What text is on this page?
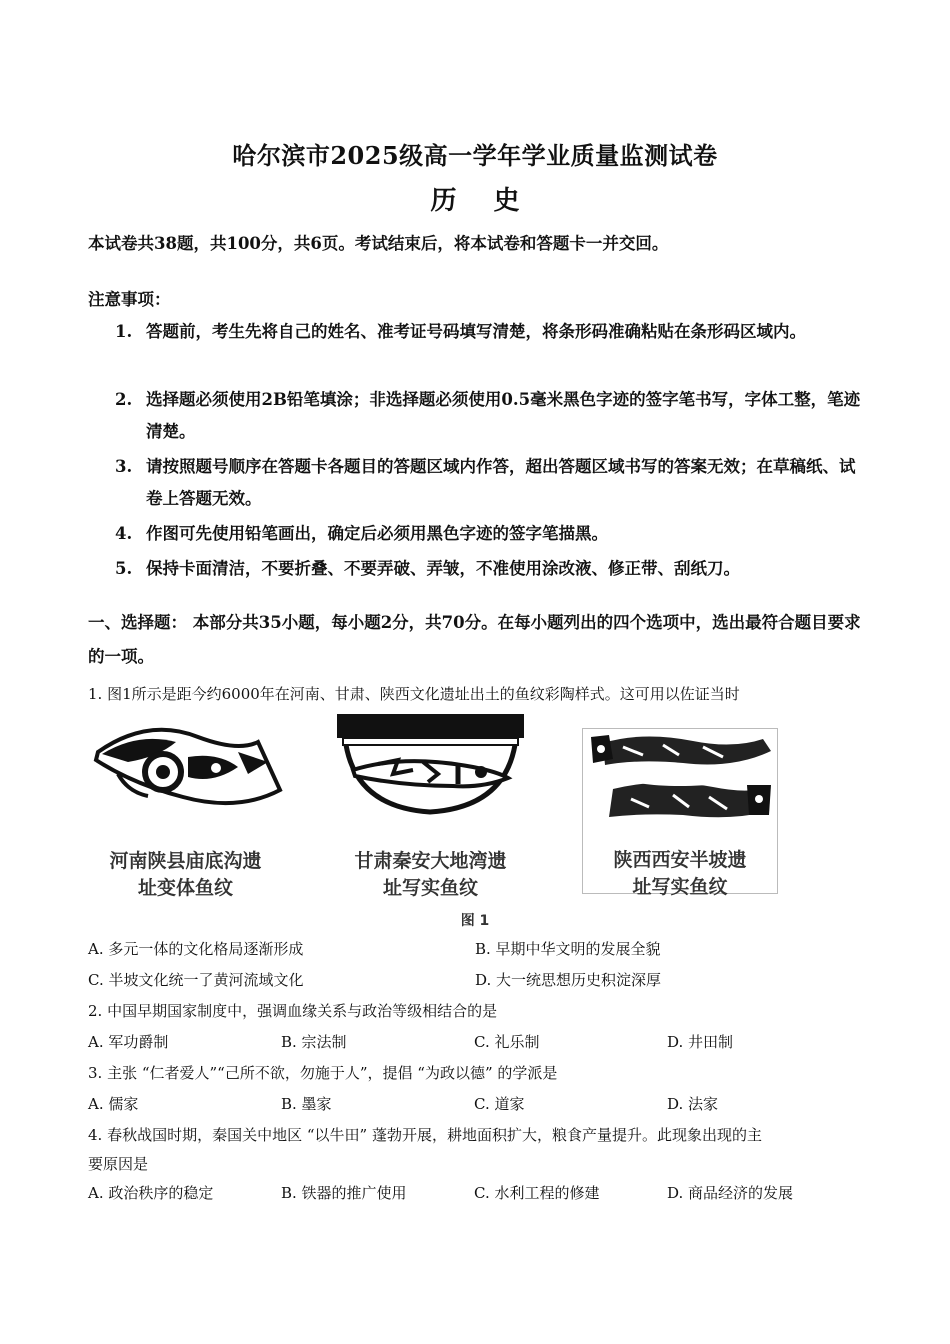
哈尔滨市2025级高一学年学业质量监测试卷
历 史
本试卷共38题，共100分，共6页。考试结束后，将本试卷和答题卡一并交回。
注意事项：
1. 答题前，考生先将自己的姓名、准考证号码填写清楚，将条形码准确粘贴在条形码区域内。
2. 选择题必须使用2B铅笔填涂；非选择题必须使用0.5毫米黑色字迹的签字笔书写，字体工整，笔迹清楚。
3. 请按照题号顺序在答题卡各题目的答题区域内作答，超出答题区域书写的答案无效；在草稿纸、试卷上答题无效。
4. 作图可先使用铅笔画出，确定后必须用黑色字迹的签字笔描黑。
5. 保持卡面清洁，不要折叠、不要弄破、弄皱，不准使用涂改液、修正带、刮纸刀。
一、选择题： 本部分共35小题，每小题2分，共70分。在每小题列出的四个选项中，选出最符合题目要求的一项。
1. 图1所示是距今约6000年在河南、甘肃、陕西文化遗址出土的鱼纹彩陶样式。这可用以佐证当时
河南陕县庙底沟遗
址变体鱼纹
甘肃秦安大地湾遗
址写实鱼纹
陕西西安半坡遗
址写实鱼纹
图 1
A. 多元一体的文化格局逐渐形成	B. 早期中华文明的发展全貌
C. 半坡文化统一了黄河流域文化	D. 大一统思想历史积淀深厚
2. 中国早期国家制度中，强调血缘关系与政治等级相结合的是
A. 军功爵制	B. 宗法制	C. 礼乐制	D. 井田制
3. 主张 “仁者爱人”“己所不欲，勿施于人”，提倡 “为政以德” 的学派是
A. 儒家	B. 墨家	C. 道家	D. 法家
4. 春秋战国时期，秦国关中地区 “以牛田” 蓬勃开展，耕地面积扩大，粮食产量提升。此现象出现的主
要原因是
A. 政治秩序的稳定	B. 铁器的推广使用	C. 水利工程的修建	D. 商品经济的发展
